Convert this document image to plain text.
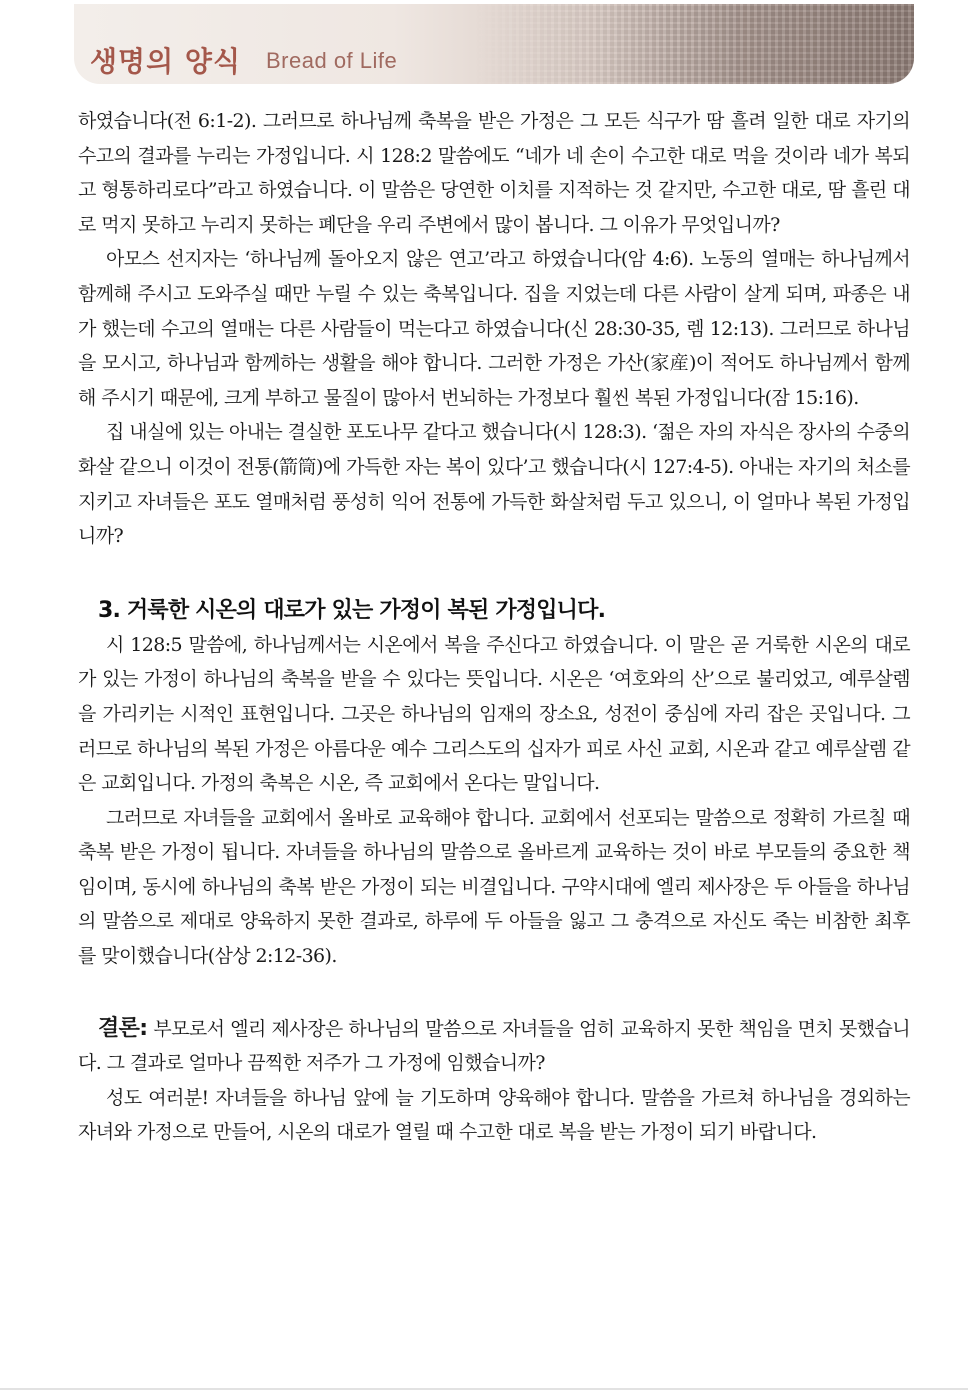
생명의 양식 Bread of Life

하였습니다(전 6:1-2). 그러므로 하나님께 축복을 받은 가정은 그 모든 식구가 땀 흘려 일한 대로 자기의 수고의 결과를 누리는 가정입니다. 시 128:2 말씀에도 “네가 네 손이 수고한 대로 먹을 것이라 네가 복되고 형통하리로다”라고 하였습니다. 이 말씀은 당연한 이치를 지적하는 것 같지만, 수고한 대로, 땀 흘린 대로 먹지 못하고 누리지 못하는 폐단을 우리 주변에서 많이 봅니다. 그 이유가 무엇입니까?

아모스 선지자는 ‘하나님께 돌아오지 않은 연고’라고 하였습니다(암 4:6). 노동의 열매는 하나님께서 함께해 주시고 도와주실 때만 누릴 수 있는 축복입니다. 집을 지었는데 다른 사람이 살게 되며, 파종은 내가 했는데 수고의 열매는 다른 사람들이 먹는다고 하였습니다(신 28:30-35, 렘 12:13). 그러므로 하나님을 모시고, 하나님과 함께하는 생활을 해야 합니다. 그러한 가정은 가산(家産)이 적어도 하나님께서 함께해 주시기 때문에, 크게 부하고 물질이 많아서 번뇌하는 가정보다 훨씬 복된 가정입니다(잠 15:16).

집 내실에 있는 아내는 결실한 포도나무 같다고 했습니다(시 128:3). ‘젊은 자의 자식은 장사의 수중의 화살 같으니 이것이 전통(箭筒)에 가득한 자는 복이 있다’고 했습니다(시 127:4-5). 아내는 자기의 처소를 지키고 자녀들은 포도 열매처럼 풍성히 익어 전통에 가득한 화살처럼 두고 있으니, 이 얼마나 복된 가정입니까?

3. 거룩한 시온의 대로가 있는 가정이 복된 가정입니다.

시 128:5 말씀에, 하나님께서는 시온에서 복을 주신다고 하였습니다. 이 말은 곧 거룩한 시온의 대로가 있는 가정이 하나님의 축복을 받을 수 있다는 뜻입니다. 시온은 ‘여호와의 산’으로 불리었고, 예루살렘을 가리키는 시적인 표현입니다. 그곳은 하나님의 임재의 장소요, 성전이 중심에 자리 잡은 곳입니다. 그러므로 하나님의 복된 가정은 아름다운 예수 그리스도의 십자가 피로 사신 교회, 시온과 같고 예루살렘 같은 교회입니다. 가정의 축복은 시온, 즉 교회에서 온다는 말입니다.

그러므로 자녀들을 교회에서 올바로 교육해야 합니다. 교회에서 선포되는 말씀으로 정확히 가르칠 때 축복 받은 가정이 됩니다. 자녀들을 하나님의 말씀으로 올바르게 교육하는 것이 바로 부모들의 중요한 책임이며, 동시에 하나님의 축복 받은 가정이 되는 비결입니다. 구약시대에 엘리 제사장은 두 아들을 하나님의 말씀으로 제대로 양육하지 못한 결과로, 하루에 두 아들을 잃고 그 충격으로 자신도 죽는 비참한 최후를 맞이했습니다(삼상 2:12-36).

결론: 부모로서 엘리 제사장은 하나님의 말씀으로 자녀들을 엄히 교육하지 못한 책임을 면치 못했습니다. 그 결과로 얼마나 끔찍한 저주가 그 가정에 임했습니까?

성도 여러분! 자녀들을 하나님 앞에 늘 기도하며 양육해야 합니다. 말씀을 가르쳐 하나님을 경외하는 자녀와 가정으로 만들어, 시온의 대로가 열릴 때 수고한 대로 복을 받는 가정이 되기 바랍니다.
